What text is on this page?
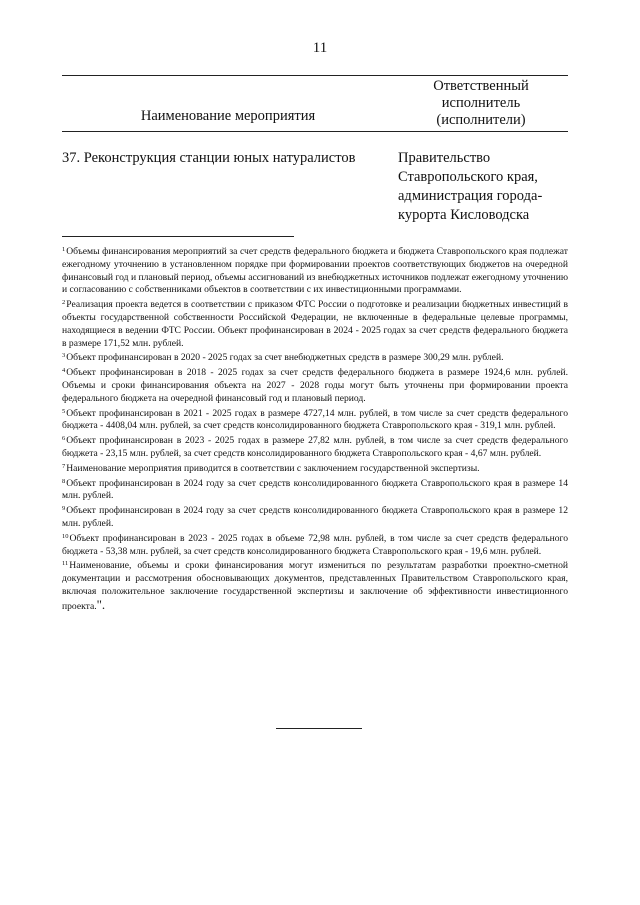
11
Наименование мероприятия
Ответственный
исполнитель
(исполнители)
37. Реконструкция станции юных натуралистов	Правительство
Ставропольского края,
администрация города-
курорта Кисловодска

$^1$Объемы финансирования мероприятий за счет средств федерального бюджета и бюджета Ставропольского края подлежат ежегодному уточнению в установленном порядке при формировании проектов соответствующих бюджетов на очередной финансовый год и плановый период, объемы ассигнований из внебюджетных источников подлежат ежегодному уточнению и согласованию с собственниками объектов в соответствии с их инвестиционными программами.

$^2$Реализация проекта ведется в соответствии с приказом ФТС России о подготовке и реализации бюджетных инвестиций в объекты государственной собственности Российской Федерации, не включенные в федеральные целевые программы, находящиеся в ведении ФТС России. Объект профинансирован в 2024 - 2025 годах за счет средств федерального бюджета в размере 171,52 млн. рублей.

$^3$Объект профинансирован в 2020 - 2025 годах за счет внебюджетных средств в размере 300,29 млн. рублей.

$^4$Объект профинансирован в 2018 - 2025 годах за счет средств федерального бюджета в размере 1924,6 млн. рублей. Объемы и сроки финансирования объекта на 2027 - 2028 годы могут быть уточнены при формировании проекта федерального бюджета на очередной финансовый год и плановый период.

$^5$Объект профинансирован в 2021 - 2025 годах в размере 4727,14 млн. рублей, в том числе за счет средств федерального бюджета - 4408,04 млн. рублей, за счет средств консолидированного бюджета Ставропольского края - 319,1 млн. рублей.

$^6$Объект профинансирован в 2023 - 2025 годах в размере 27,82 млн. рублей, в том числе за счет средств федерального бюджета - 23,15 млн. рублей, за счет средств консолидированного бюджета Ставропольского края - 4,67 млн. рублей.

$^7$Наименование мероприятия приводится в соответствии с заключением государственной экспертизы.

$^8$Объект профинансирован в 2024 году за счет средств консолидированного бюджета Ставропольского края в размере 14 млн. рублей.

$^9$Объект профинансирован в 2024 году за счет средств консолидированного бюджета Ставропольского края в размере 12 млн. рублей.

$^{10}$Объект профинансирован в 2023 - 2025 годах в объеме 72,98 млн. рублей, в том числе за счет средств федерального бюджета - 53,38 млн. рублей, за счет средств консолидированного бюджета Ставропольского края - 19,6 млн. рублей.

$^{11}$Наименование, объемы и сроки финансирования могут измениться по результатам разработки проектно-сметной документации и рассмотрения обосновывающих документов, представленных Правительством Ставропольского края, включая положительное заключение государственной экспертизы и заключение об эффективности инвестиционного проекта.".
